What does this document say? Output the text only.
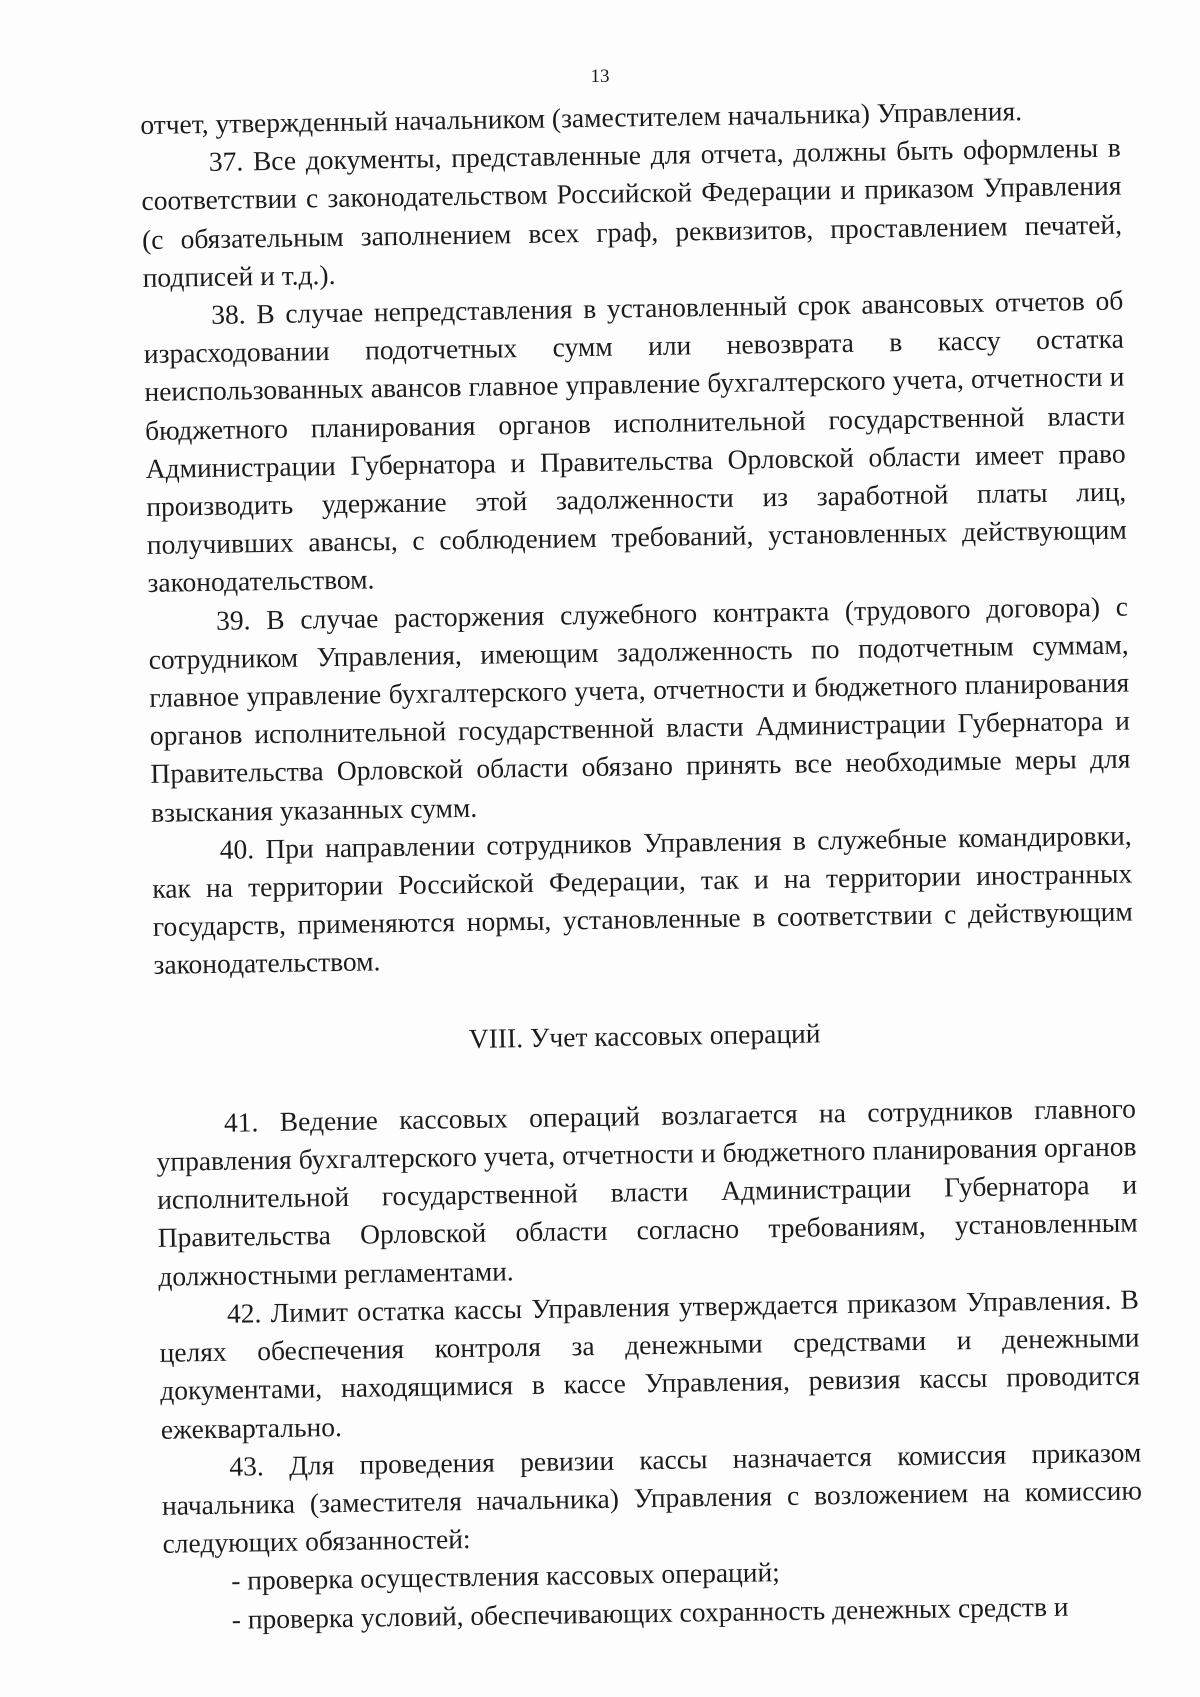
13

отчет, утвержденный начальником (заместителем начальника) Управления.

37. Все документы, представленные для отчета, должны быть оформлены в соответствии с законодательством Российской Федерации и приказом Управления (с обязательным заполнением всех граф, реквизитов, проставлением печатей, подписей и т.д.).

38. В случае непредставления в установленный срок авансовых отчетов об израсходовании подотчетных сумм или невозврата в кассу остатка неиспользованных авансов главное управление бухгалтерского учета, отчетности и бюджетного планирования органов исполнительной государственной власти Администрации Губернатора и Правительства Орловской области имеет право производить удержание этой задолженности из заработной платы лиц, получивших авансы, с соблюдением требований, установленных действующим законодательством.

39. В случае расторжения служебного контракта (трудового договора) с сотрудником Управления, имеющим задолженность по подотчетным суммам, главное управление бухгалтерского учета, отчетности и бюджетного планирования органов исполнительной государственной власти Администрации Губернатора и Правительства Орловской области обязано принять все необходимые меры для взыскания указанных сумм.

40. При направлении сотрудников Управления в служебные командировки, как на территории Российской Федерации, так и на территории иностранных государств, применяются нормы, установленные в соответствии с действующим законодательством.

VIII. Учет кассовых операций

41. Ведение кассовых операций возлагается на сотрудников главного управления бухгалтерского учета, отчетности и бюджетного планирования органов исполнительной государственной власти Администрации Губернатора и Правительства Орловской области согласно требованиям, установленным должностными регламентами.

42. Лимит остатка кассы Управления утверждается приказом Управления. В целях обеспечения контроля за денежными средствами и денежными документами, находящимися в кассе Управления, ревизия кассы проводится ежеквартально.

43. Для проведения ревизии кассы назначается комиссия приказом начальника (заместителя начальника) Управления с возложением на комиссию следующих обязанностей:

- проверка осуществления кассовых операций;

- проверка условий, обеспечивающих сохранность денежных средств и
